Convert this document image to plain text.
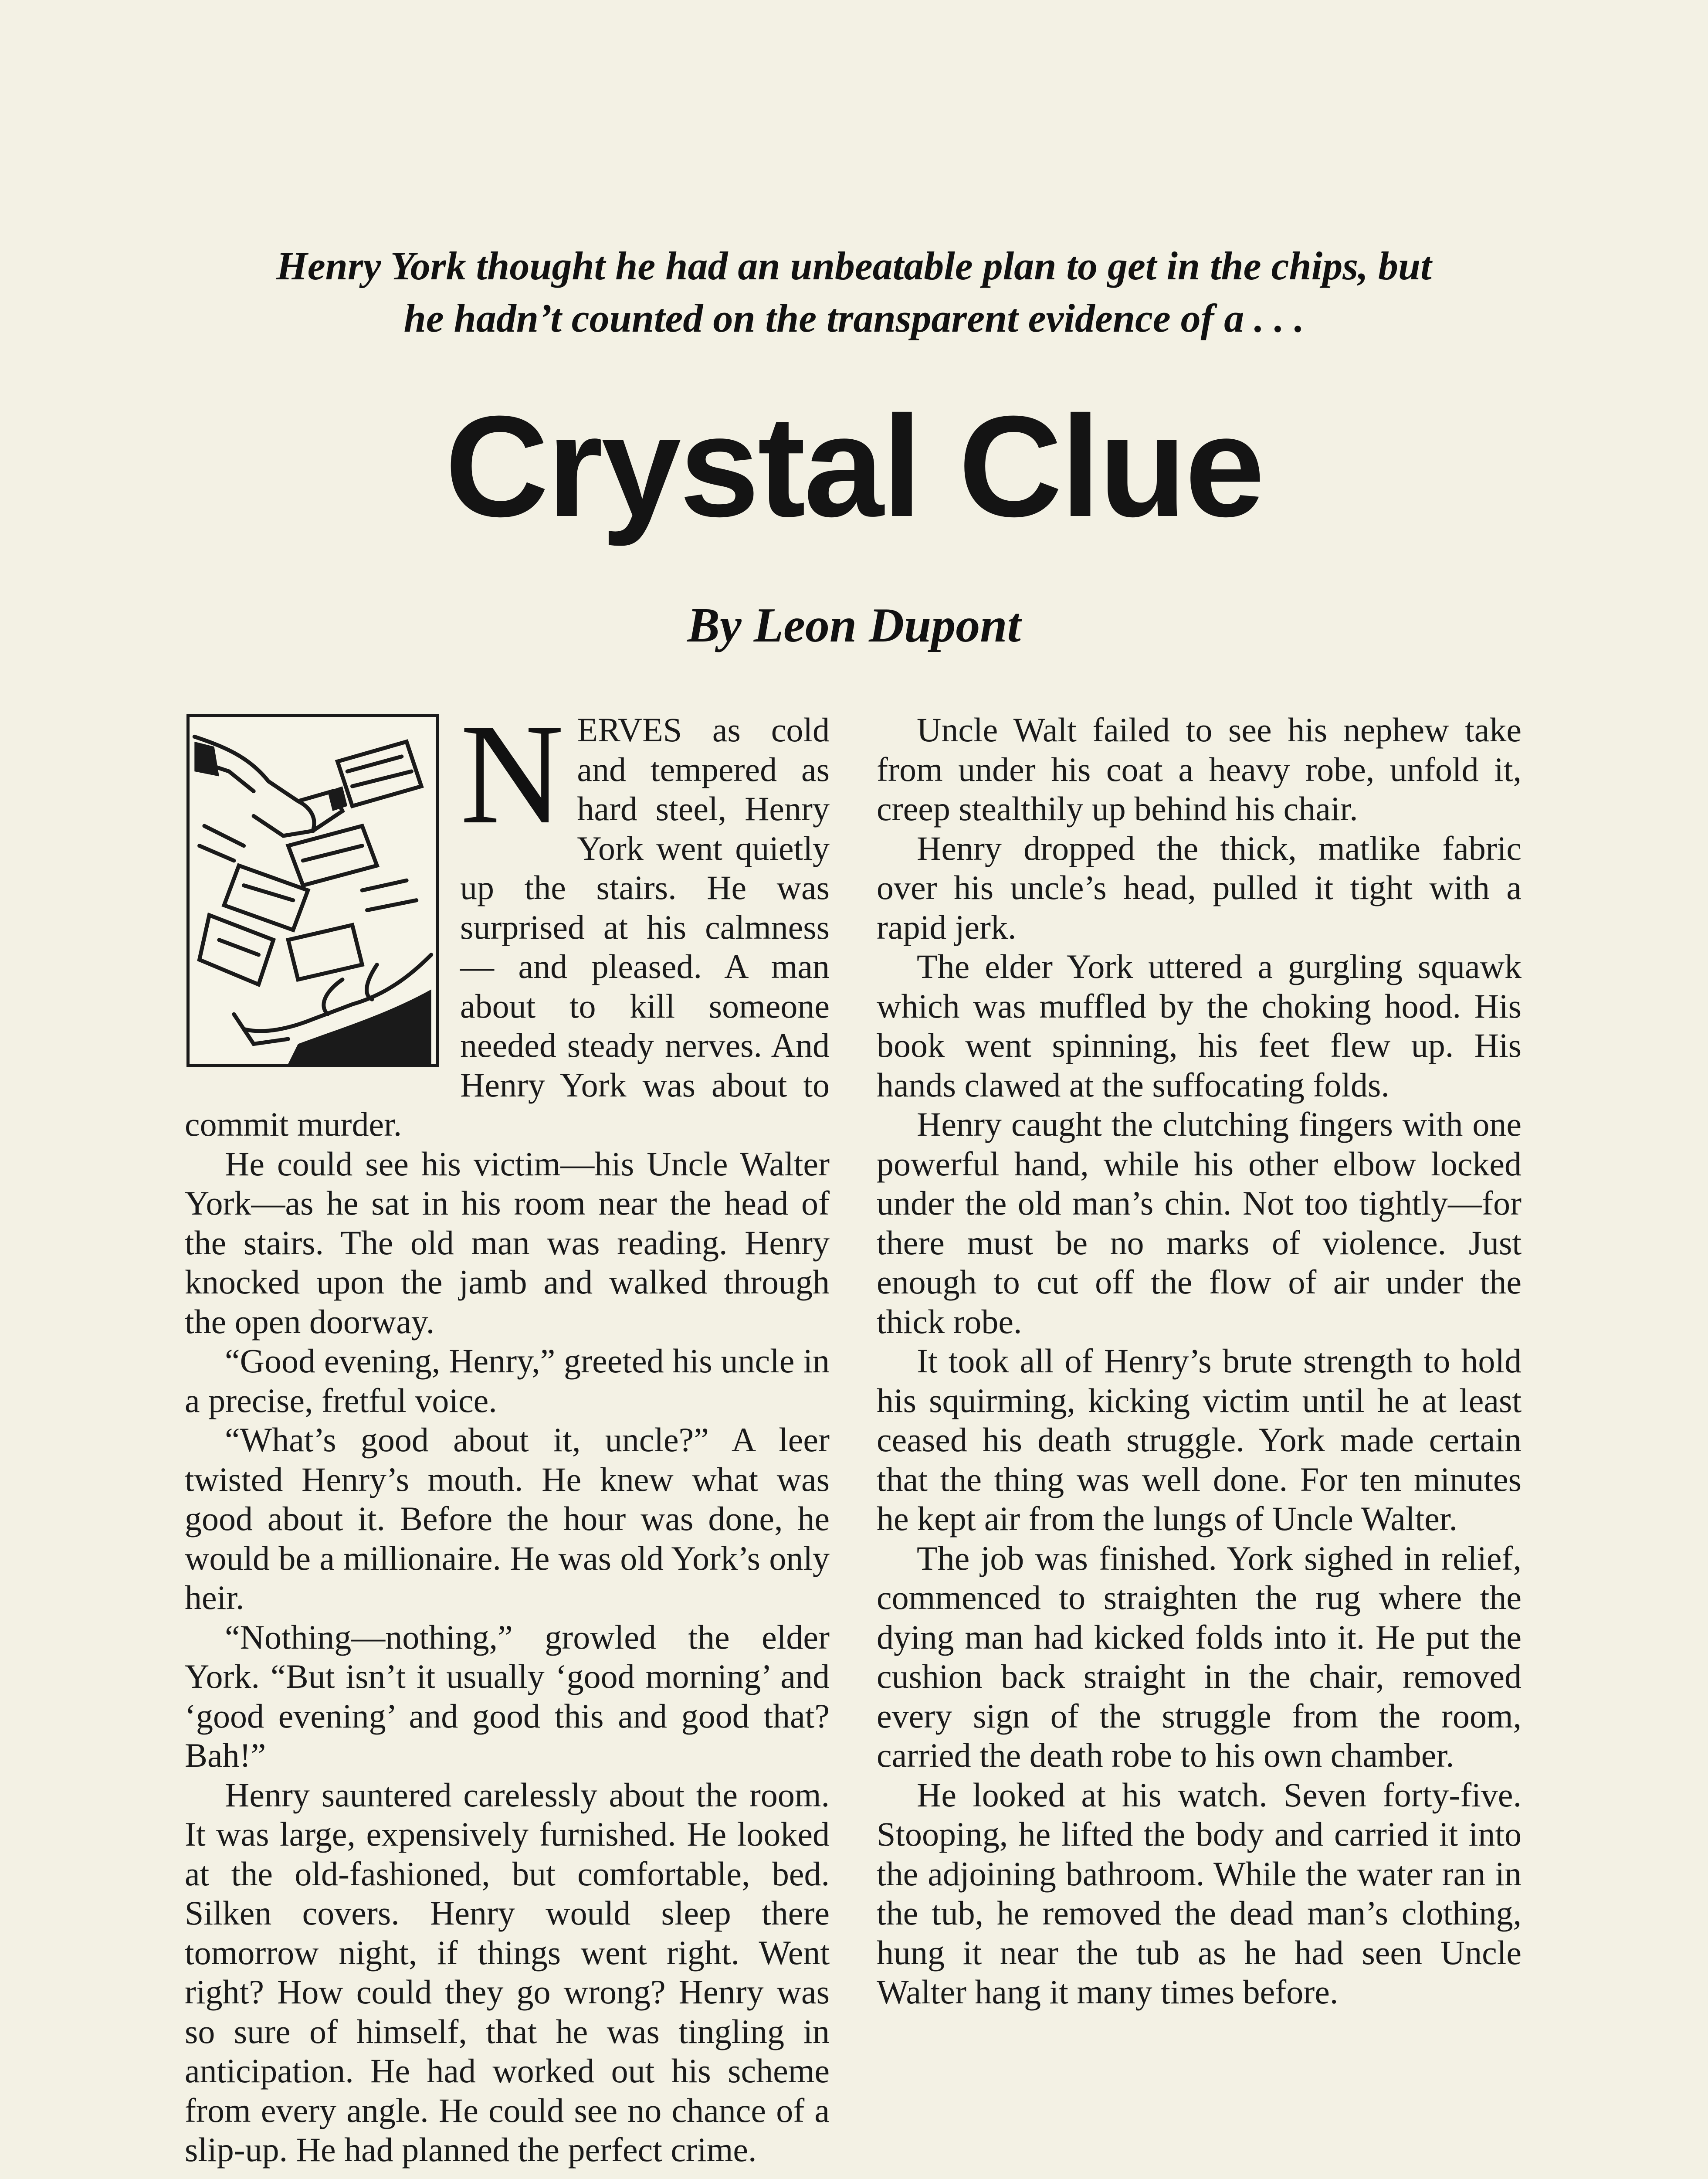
Henry York thought he had an unbeatable plan to get in the chips, but
he hadn’t counted on the transparent evidence of a . . .
Crystal Clue
By Leon Dupont
N ERVES as cold and tempered as hard steel, Henry York went quietly up the stairs. He was surprised at his calmness — and pleased. A man about to kill someone needed steady nerves. And Henry York was about to commit murder.

He could see his victim—his Uncle Walter York—as he sat in his room near the head of the stairs. The old man was reading. Henry knocked upon the jamb and walked through the open doorway.

“Good evening, Henry,” greeted his uncle in a precise, fretful voice.

“What’s good about it, uncle?” A leer twisted Henry’s mouth. He knew what was good about it. Before the hour was done, he would be a millionaire. He was old York’s only heir.

“Nothing—nothing,” growled the elder York. “But isn’t it usually ‘good morning’ and ‘good evening’ and good this and good that? Bah!”

Henry sauntered carelessly about the room. It was large, expensively furnished. He looked at the old-fashioned, but comfortable, bed. Silken covers. Henry would sleep there tomorrow night, if things went right. Went right? How could they go wrong? Henry was so sure of himself, that he was tingling in anticipation. He had worked out his scheme from every angle. He could see no chance of a slip-up. He had planned the perfect crime.

Uncle Walt failed to see his nephew take from under his coat a heavy robe, unfold it, creep stealthily up behind his chair.

Henry dropped the thick, matlike fabric over his uncle’s head, pulled it tight with a rapid jerk.

The elder York uttered a gurgling squawk which was muffled by the choking hood. His book went spinning, his feet flew up. His hands clawed at the suffocating folds.

Henry caught the clutching fingers with one powerful hand, while his other elbow locked under the old man’s chin. Not too tightly—for there must be no marks of violence. Just enough to cut off the flow of air under the thick robe.

It took all of Henry’s brute strength to hold his squirming, kicking victim until he at least ceased his death struggle. York made certain that the thing was well done. For ten minutes he kept air from the lungs of Uncle Walter.

The job was finished. York sighed in relief, commenced to straighten the rug where the dying man had kicked folds into it. He put the cushion back straight in the chair, removed every sign of the struggle from the room, carried the death robe to his own chamber.

He looked at his watch. Seven forty-five. Stooping, he lifted the body and carried it into the adjoining bathroom. While the water ran in the tub, he removed the dead man’s clothing, hung it near the tub as he had seen Uncle Walter hang it many times before.
